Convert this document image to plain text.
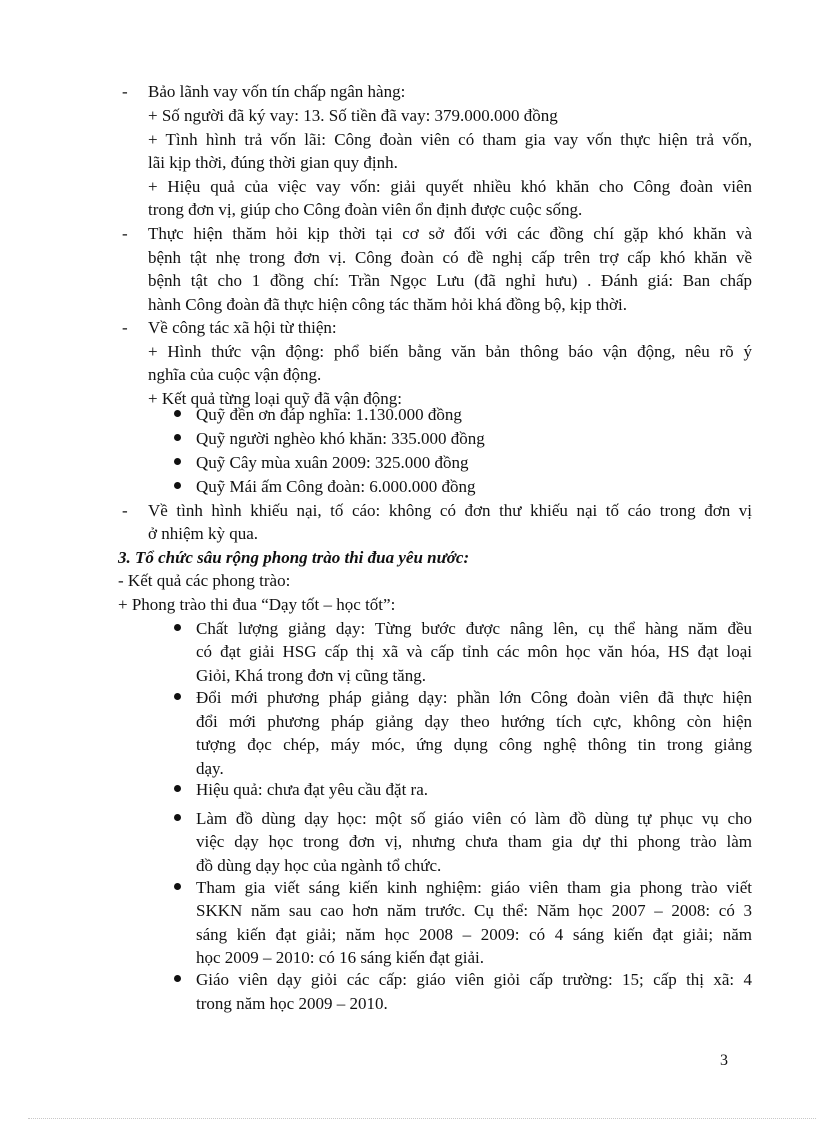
- Bảo lãnh vay vốn tín chấp ngân hàng:

+ Số người đã ký vay: 13. Số tiền đã vay: 379.000.000 đồng

+ Tình hình trả vốn lãi: Công đoàn viên có tham gia vay vốn thực hiện trả vốn,

lãi kịp thời, đúng thời gian quy định.

+ Hiệu quả của việc vay vốn: giải quyết nhiều khó khăn cho Công đoàn viên

trong đơn vị, giúp cho Công đoàn viên ổn định được cuộc sống.

- Thực hiện thăm hỏi kịp thời tại cơ sở đối với các đồng chí gặp khó khăn và

bệnh tật nhẹ trong đơn vị. Công đoàn có đề nghị cấp trên trợ cấp khó khăn về

bệnh tật cho 1 đồng chí: Trần Ngọc Lưu (đã nghỉ hưu) . Đánh giá: Ban chấp

hành Công đoàn đã thực hiện công tác thăm hỏi khá đồng bộ, kịp thời.

- Về công tác xã hội từ thiện:

+ Hình thức vận động: phổ biến bằng văn bản thông báo vận động, nêu rõ ý

nghĩa của cuộc vận động.

+ Kết quả từng loại quỹ đã vận động:

Quỹ đền ơn đáp nghĩa: 1.130.000 đồng

Quỹ người nghèo khó khăn: 335.000 đồng

Quỹ Cây mùa xuân 2009: 325.000 đồng

Quỹ Mái ấm Công đoàn: 6.000.000 đồng

- Về tình hình khiếu nại, tố cáo: không có đơn thư khiếu nại tố cáo trong đơn vị

ở nhiệm kỳ qua.

3. Tổ chức sâu rộng phong trào thi đua yêu nước:

- Kết quả các phong trào:

+ Phong trào thi đua “Dạy tốt – học tốt”:

Chất lượng giảng dạy: Từng bước được nâng lên, cụ thể hàng năm đều

có đạt giải HSG cấp thị xã và cấp tỉnh các môn học văn hóa, HS đạt loại

Giỏi, Khá trong đơn vị cũng tăng.

Đổi mới phương pháp giảng dạy: phần lớn Công đoàn viên đã thực hiện

đổi mới phương pháp giảng dạy theo hướng tích cực, không còn hiện

tượng đọc chép, máy móc, ứng dụng công nghệ thông tin trong giảng

dạy.

Hiệu quả: chưa đạt yêu cầu đặt ra.

Làm đồ dùng dạy học: một số giáo viên có làm đồ dùng tự phục vụ cho

việc dạy học trong đơn vị, nhưng chưa tham gia dự thi phong trào làm

đồ dùng dạy học của ngành tổ chức.

Tham gia viết sáng kiến kinh nghiệm: giáo viên tham gia phong trào viết

SKKN năm sau cao hơn năm trước. Cụ thể: Năm học 2007 – 2008: có 3

sáng kiến đạt giải; năm học 2008 – 2009: có 4 sáng kiến đạt giải; năm

học 2009 – 2010: có 16 sáng kiến đạt giải.

Giáo viên dạy giỏi các cấp: giáo viên giỏi cấp trường: 15; cấp thị xã: 4

trong năm học 2009 – 2010.

3
